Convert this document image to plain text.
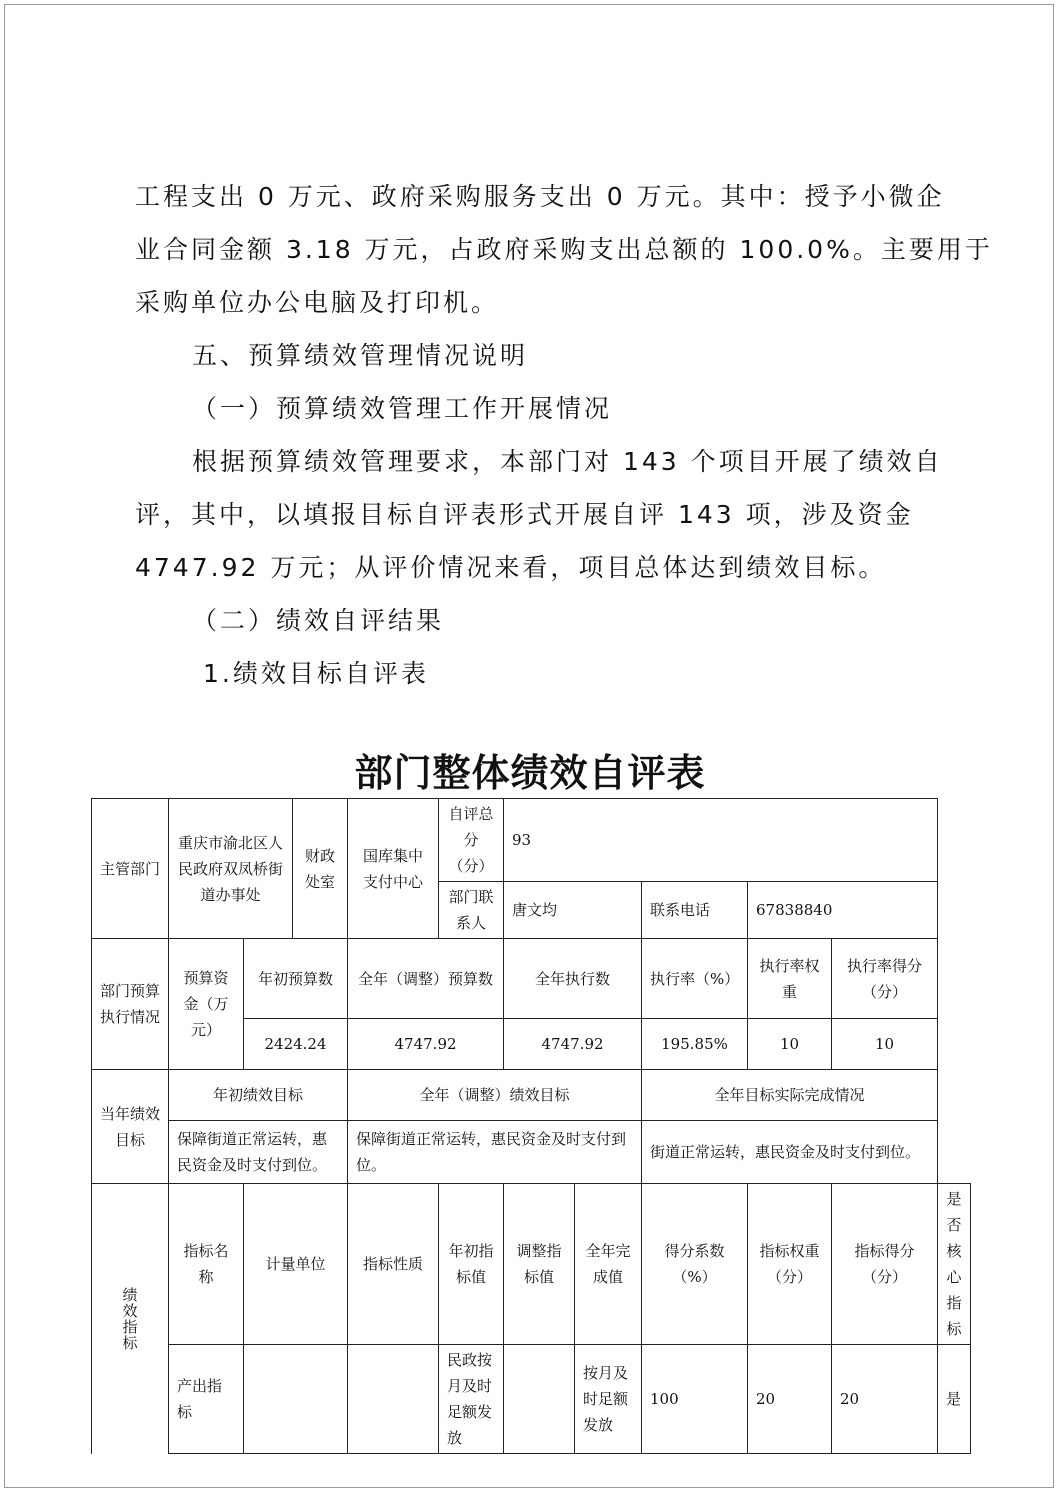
工程支出 0 万元、政府采购服务支出 0 万元。其中：授予小微企
业合同金额 3.18 万元，占政府采购支出总额的 100.0%。主要用于
采购单位办公电脑及打印机。
五、预算绩效管理情况说明
（一）预算绩效管理工作开展情况
根据预算绩效管理要求，本部门对 143 个项目开展了绩效自
评，其中，以填报目标自评表形式开展自评 143 项，涉及资金
4747.92 万元；从评价情况来看，项目总体达到绩效目标。
（二）绩效自评结果
1.绩效目标自评表
部门整体绩效自评表
主管部门	重庆市渝北区人民政府双凤桥街道办事处		财政处室	国库集中支付中心	自评总分（分）	93					
					部门联系人	唐文均		联系电话	67838840		

部门预算执行情况	预算资金（万元）	年初预算数		全年（调整）预算数		全年执行数		执行率（%）	执行率权重	执行率得分（分）	
		2424.24		4747.92		4747.92		195.85%	10	10	
当年绩效目标	年初绩效目标			全年（调整）绩效目标				全年目标实际完成情况			
	保障街道正常运转，惠民资金及时支付到位。			保障街道正常运转，惠民资金及时支付到位。				街道正常运转，惠民资金及时支付到位。			
绩效指标	指标名称	计量单位		指标性质	年初指标值	调整指标值	全年完成值	得分系数（%）	指标权重（分）	指标得分（分）	是否核心指标
	产出指标				民政按月及时足额发放		按月及时足额发放	100	20	20	是
